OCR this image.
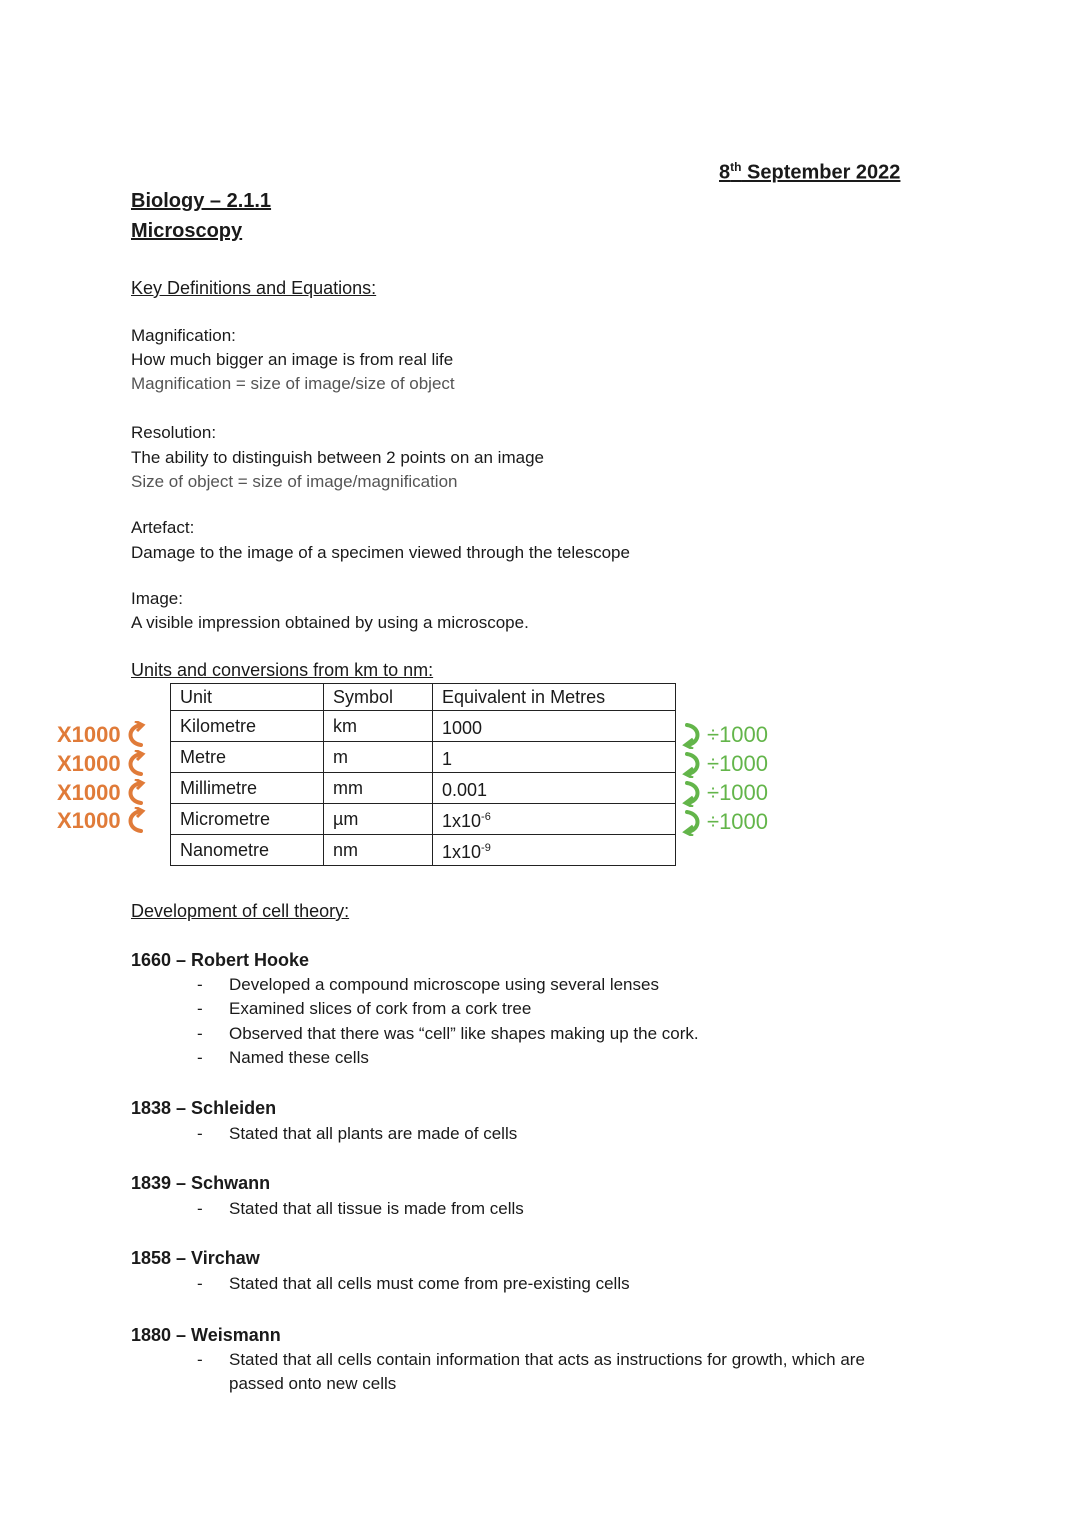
8th September 2022
Biology – 2.1.1
Microscopy
Key Definitions and Equations:
Magnification:
How much bigger an image is from real life
Magnification = size of image/size of object
Resolution:
The ability to distinguish between 2 points on an image
Size of object = size of image/magnification
Artefact:
Damage to the image of a specimen viewed through the telescope
Image:
A visible impression obtained by using a microscope.
Units and conversions from km to nm:
Unit	Symbol	Equivalent in Metres
Kilometre	km	1000
Metre	m	1
Millimetre	mm	0.001
Micrometre	µm	$1x10^{-6}$
Nanometre	nm	$1x10^{-9}$
X1000
X1000
X1000
X1000
÷1000
÷1000
÷1000
÷1000
Development of cell theory:
1660 – Robert Hooke
- Developed a compound microscope using several lenses
- Examined slices of cork from a cork tree
- Observed that there was “cell” like shapes making up the cork.
- Named these cells
1838 – Schleiden
- Stated that all plants are made of cells
1839 – Schwann
- Stated that all tissue is made from cells
1858 – Virchaw
- Stated that all cells must come from pre-existing cells
1880 – Weismann
- Stated that all cells contain information that acts as instructions for growth, which are
passed onto new cells
